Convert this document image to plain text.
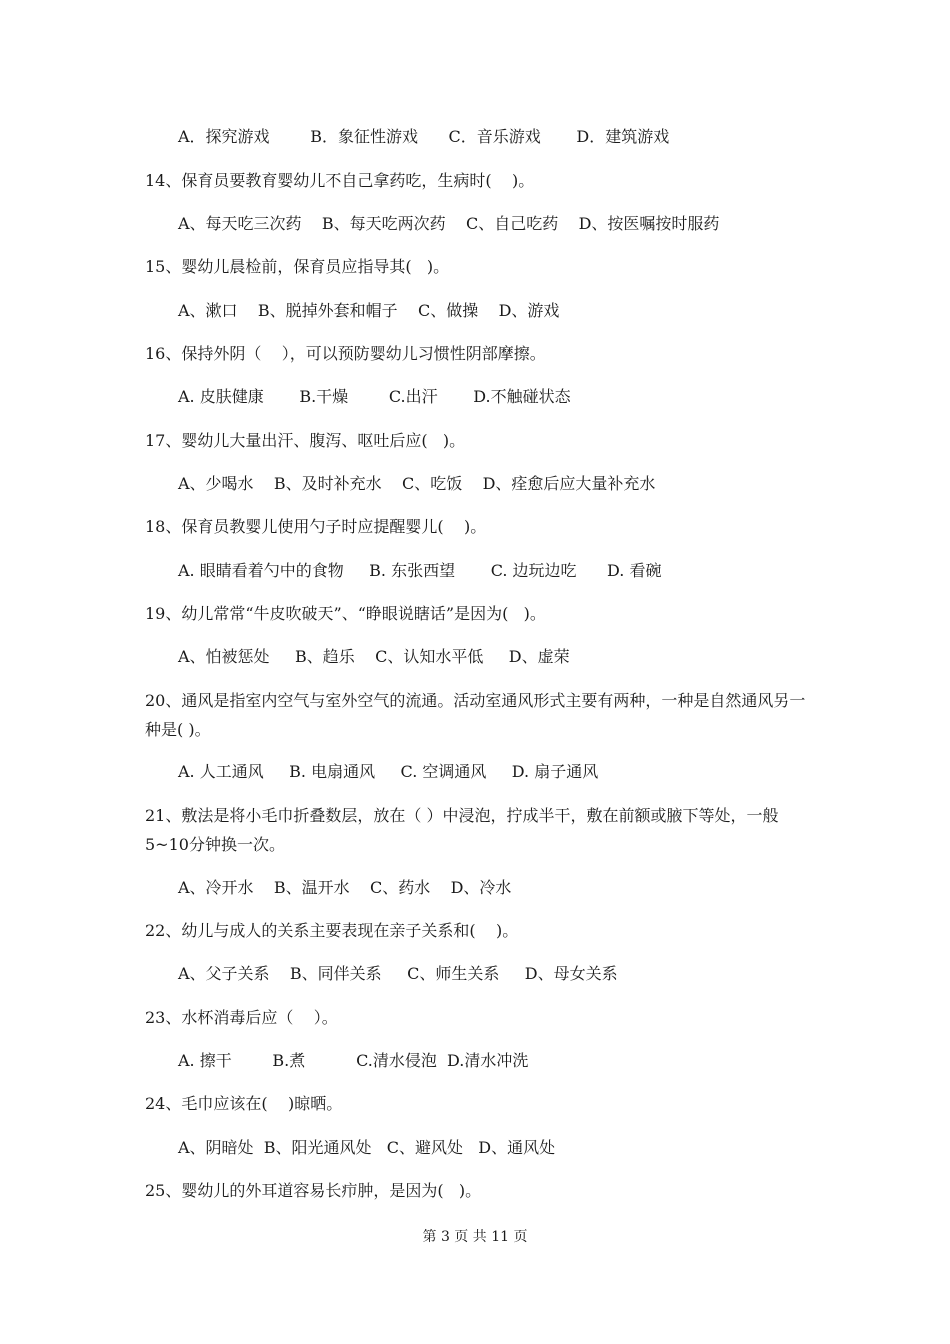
A．探究游戏        B．象征性游戏      C．音乐游戏       D．建筑游戏
14、保育员要教育婴幼儿不自己拿药吃，生病时(    )。
A、每天吃三次药    B、每天吃两次药    C、自己吃药    D、按医嘱按时服药
15、婴幼儿晨检前，保育员应指导其(   )。
A、漱口    B、脱掉外套和帽子    C、做操    D、游戏
16、保持外阴（    ），可以预防婴幼儿习惯性阴部摩擦。
A. 皮肤健康       B.干燥        C.出汗       D.不触碰状态
17、婴幼儿大量出汗、腹泻、呕吐后应(   )。
A、少喝水    B、及时补充水    C、吃饭    D、痊愈后应大量补充水
18、保育员教婴儿使用勺子时应提醒婴儿(    )。
A. 眼睛看着勺中的食物     B. 东张西望       C. 边玩边吃      D. 看碗
19、幼儿常常“牛皮吹破天”、“睁眼说瞎话”是因为(   )。
A、怕被惩处     B、趋乐    C、认知水平低     D、虚荣
20、通风是指室内空气与室外空气的流通。活动室通风形式主要有两种，一种是自然通风另一种是( )。
A. 人工通风     B. 电扇通风     C. 空调通风     D. 扇子通风
21、敷法是将小毛巾折叠数层，放在（ ）中浸泡，拧成半干，敷在前额或腋下等处，一般5~10分钟换一次。
A、冷开水    B、温开水    C、药水    D、冷水
22、幼儿与成人的关系主要表现在亲子关系和(    )。
A、父子关系    B、同伴关系     C、师生关系     D、母女关系
23、水杯消毒后应（    ）。
A. 擦干        B.煮          C.清水侵泡  D.清水冲洗
24、毛巾应该在(    )晾晒。
A、阴暗处  B、阳光通风处   C、避风处   D、通风处
25、婴幼儿的外耳道容易长疖肿，是因为(   )。
第 3 页 共 11 页
